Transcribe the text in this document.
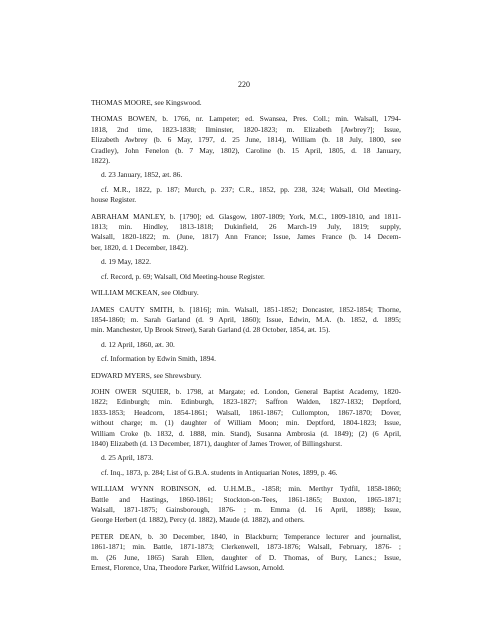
220
THOMAS MOORE, see Kingswood.
THOMAS BOWEN, b. 1766, nr. Lampeter; ed. Swansea, Pres. Coll.; min. Walsall, 1794-
1818, 2nd time, 1823-1838; Ilminster, 1820-1823; m. Elizabeth [Awbrey?]; Issue,
Elizabeth Awbrey (b. 6 May, 1797, d. 25 June, 1814), William (b. 18 July, 1800, see
Cradley), John Fenelon (b. 7 May, 1802), Caroline (b. 15 April, 1805, d. 18 January,
1822).
d. 23 January, 1852, æt. 86.
cf. M.R., 1822, p. 187; Murch, p. 237; C.R., 1852, pp. 238, 324; Walsall, Old Meeting-
house Register.
ABRAHAM MANLEY, b. [1790]; ed. Glasgow, 1807-1809; York, M.C., 1809-1810, and 1811-
1813; min. Hindley, 1813-1818; Dukinfield, 26 March-19 July, 1819; supply,
Walsall, 1820-1822; m. (June, 1817) Ann France; Issue, James France (b. 14 Decem-
ber, 1820, d. 1 December, 1842).
d. 19 May, 1822.
cf. Record, p. 69; Walsall, Old Meeting-house Register.
WILLIAM MCKEAN, see Oldbury.
JAMES CAUTY SMITH, b. [1816]; min. Walsall, 1851-1852; Doncaster, 1852-1854; Thorne,
1854-1860; m. Sarah Garland (d. 9 April, 1860); Issue, Edwin, M.A. (b. 1852, d. 1895;
min. Manchester, Up Brook Street), Sarah Garland (d. 28 October, 1854, æt. 15).
d. 12 April, 1860, æt. 30.
cf. Information by Edwin Smith, 1894.
EDWARD MYERS, see Shrewsbury.
JOHN OWER SQUIER, b. 1798, at Margate; ed. London, General Baptist Academy, 1820-
1822; Edinburgh; min. Edinburgh, 1823-1827; Saffron Walden, 1827-1832; Deptford,
1833-1853; Headcorn, 1854-1861; Walsall, 1861-1867; Cullompton, 1867-1870; Dover,
without charge; m. (1) daughter of William Moon; min. Deptford, 1804-1823; Issue,
William Croke (b. 1832, d. 1888, min. Stand), Susanna Ambrosia (d. 1849); (2) (6 April,
1840) Elizabeth (d. 13 December, 1871), daughter of James Trower, of Billingshurst.
d. 25 April, 1873.
cf. Inq., 1873, p. 284; List of G.B.A. students in Antiquarian Notes, 1899, p. 46.
WILLIAM WYNN ROBINSON, ed. U.H.M.B., -1858; min. Merthyr Tydfil, 1858-1860;
Battle and Hastings, 1860-1861; Stockton-on-Tees, 1861-1865; Buxton, 1865-1871;
Walsall, 1871-1875; Gainsborough, 1876- ; m. Emma (d. 16 April, 1898); Issue,
George Herbert (d. 1882), Percy (d. 1882), Maude (d. 1882), and others.
PETER DEAN, b. 30 December, 1840, in Blackburn; Temperance lecturer and journalist,
1861-1871; min. Battle, 1871-1873; Clerkenwell, 1873-1876; Walsall, February, 1876- ;
m. (26 June, 1865) Sarah Ellen, daughter of D. Thomas, of Bury, Lancs.; Issue,
Ernest, Florence, Una, Theodore Parker, Wilfrid Lawson, Arnold.
